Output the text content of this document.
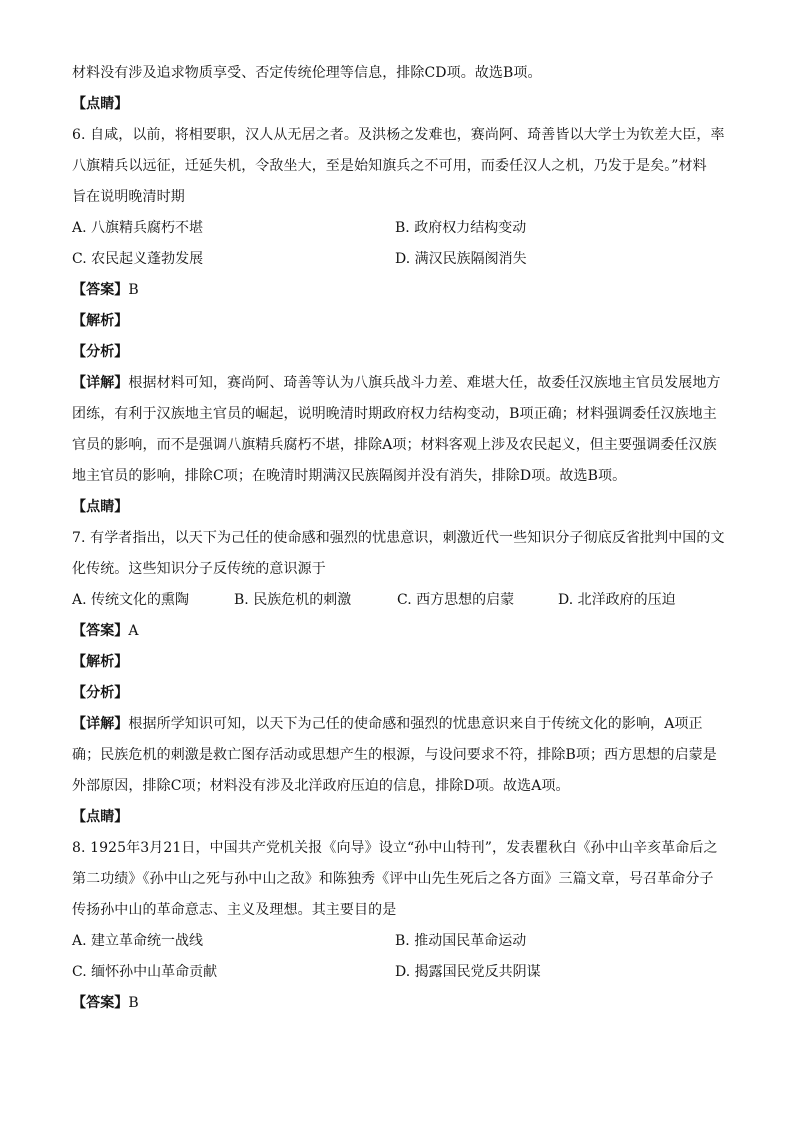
材料没有涉及追求物质享受、否定传统伦理等信息，排除CD项。故选B项。
【点睛】
6. 自咸，以前，将相要职，汉人从无居之者。及洪杨之发难也，赛尚阿、琦善皆以大学士为钦差大臣，率
八旗精兵以远征，迁延失机，令敌坐大，至是始知旗兵之不可用，而委任汉人之机，乃发于是矣。”材料
旨在说明晚清时期
A. 八旗精兵腐朽不堪	B. 政府权力结构变动
C. 农民起义蓬勃发展	D. 满汉民族隔阂消失
【答案】B
【解析】
【分析】
【详解】根据材料可知，赛尚阿、琦善等认为八旗兵战斗力差、难堪大任，故委任汉族地主官员发展地方
团练，有利于汉族地主官员的崛起，说明晚清时期政府权力结构变动，B项正确；材料强调委任汉族地主
官员的影响，而不是强调八旗精兵腐朽不堪，排除A项；材料客观上涉及农民起义，但主要强调委任汉族
地主官员的影响，排除C项；在晚清时期满汉民族隔阂并没有消失，排除D项。故选B项。
【点睛】
7. 有学者指出，以天下为己任的使命感和强烈的忧患意识，刺激近代一些知识分子彻底反省批判中国的文
化传统。这些知识分子反传统的意识源于
A. 传统文化的熏陶	B. 民族危机的刺激	C. 西方思想的启蒙	D. 北洋政府的压迫
【答案】A
【解析】
【分析】
【详解】根据所学知识可知，以天下为己任的使命感和强烈的忧患意识来自于传统文化的影响，A项正
确；民族危机的刺激是救亡图存活动或思想产生的根源，与设问要求不符，排除B项；西方思想的启蒙是
外部原因，排除C项；材料没有涉及北洋政府压迫的信息，排除D项。故选A项。
【点睛】
8. 1925年3月21日，中国共产党机关报《向导》设立“孙中山特刊”，发表瞿秋白《孙中山辛亥革命后之
第二功绩》《孙中山之死与孙中山之敌》和陈独秀《评中山先生死后之各方面》三篇文章，号召革命分子
传扬孙中山的革命意志、主义及理想。其主要目的是
A. 建立革命统一战线	B. 推动国民革命运动
C. 缅怀孙中山革命贡献	D. 揭露国民党反共阴谋
【答案】B
